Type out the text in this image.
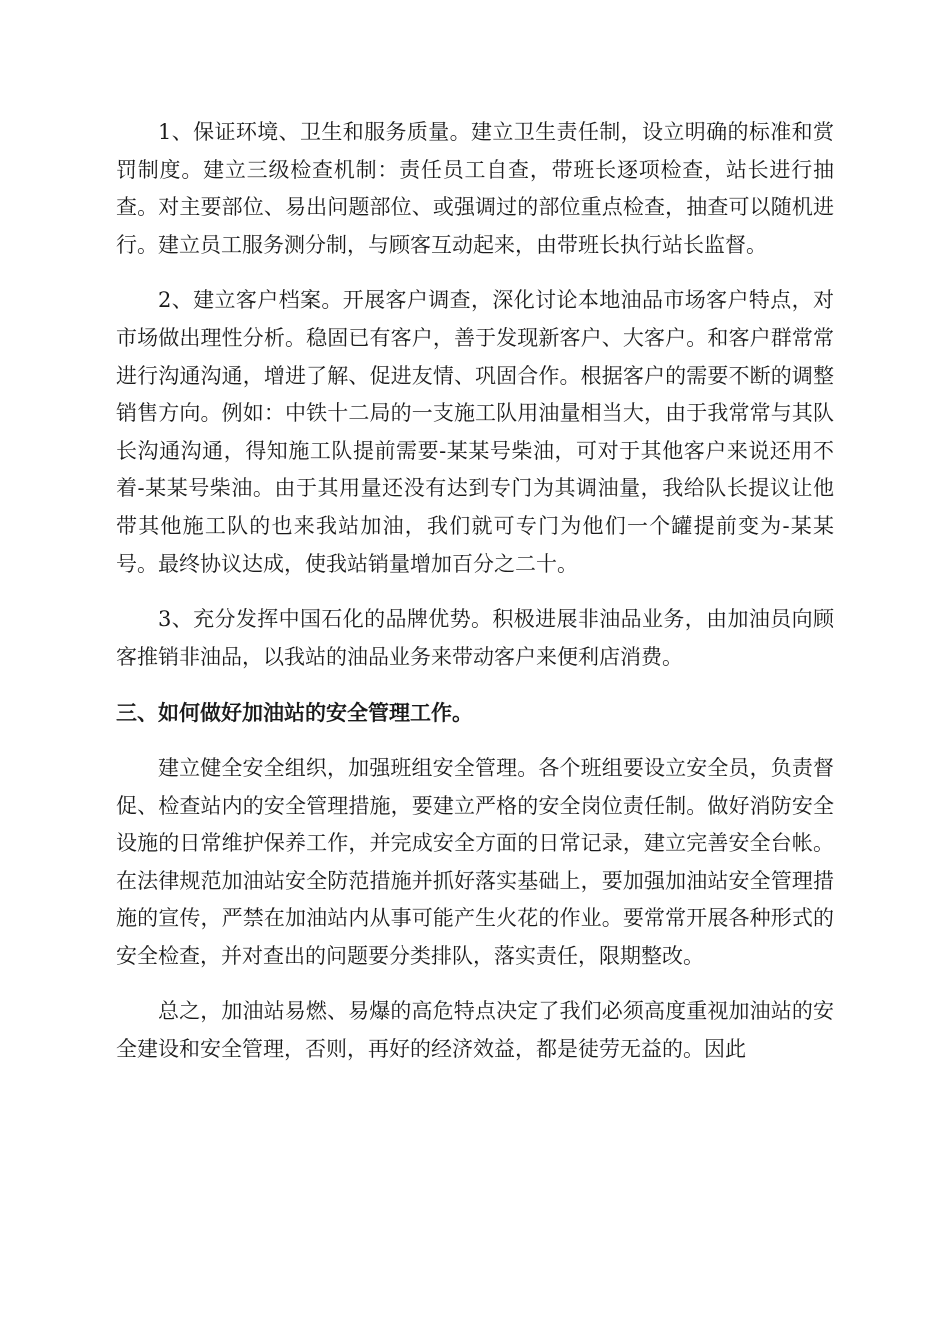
1、保证环境、卫生和服务质量。建立卫生责任制，设立明确的标准和赏罚制度。建立三级检查机制：责任员工自查，带班长逐项检查，站长进行抽查。对主要部位、易出问题部位、或强调过的部位重点检查，抽查可以随机进行。建立员工服务测分制，与顾客互动起来，由带班长执行站长监督。

2、建立客户档案。开展客户调查，深化讨论本地油品市场客户特点，对市场做出理性分析。稳固已有客户，善于发现新客户、大客户。和客户群常常进行沟通沟通，增进了解、促进友情、巩固合作。根据客户的需要不断的调整销售方向。例如：中铁十二局的一支施工队用油量相当大，由于我常常与其队长沟通沟通，得知施工队提前需要-某某号柴油，可对于其他客户来说还用不着-某某号柴油。由于其用量还没有达到专门为其调油量，我给队长提议让他带其他施工队的也来我站加油，我们就可专门为他们一个罐提前变为-某某号。最终协议达成，使我站销量增加百分之二十。

3、充分发挥中国石化的品牌优势。积极进展非油品业务，由加油员向顾客推销非油品，以我站的油品业务来带动客户来便利店消费。

三、如何做好加油站的安全管理工作。

建立健全安全组织，加强班组安全管理。各个班组要设立安全员，负责督促、检查站内的安全管理措施，要建立严格的安全岗位责任制。做好消防安全设施的日常维护保养工作，并完成安全方面的日常记录，建立完善安全台帐。在法律规范加油站安全防范措施并抓好落实基础上，要加强加油站安全管理措施的宣传，严禁在加油站内从事可能产生火花的作业。要常常开展各种形式的安全检查，并对查出的问题要分类排队，落实责任，限期整改。

总之，加油站易燃、易爆的高危特点决定了我们必须高度重视加油站的安全建设和安全管理，否则，再好的经济效益，都是徒劳无益的。因此
